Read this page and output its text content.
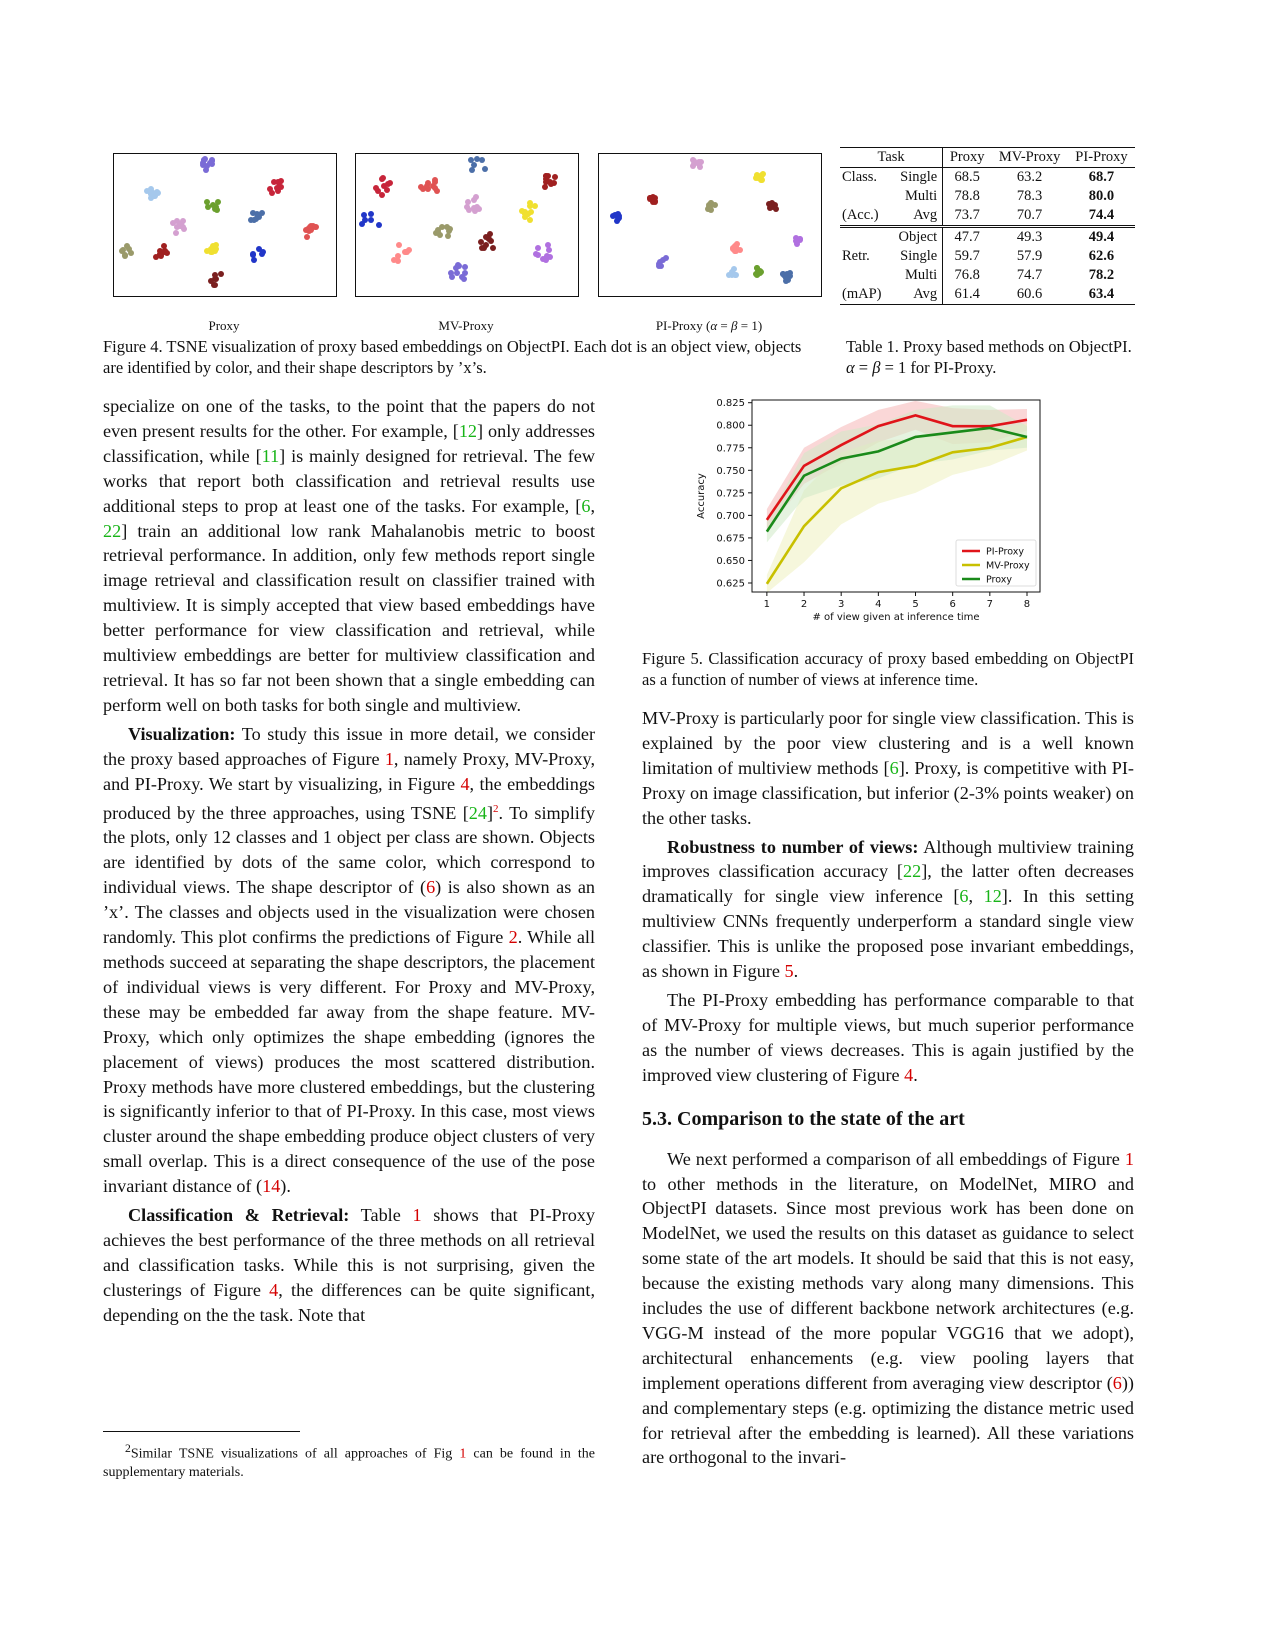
Proxy	MV-Proxy	PI-Proxy (α = β = 1)
Figure 4. TSNE visualization of proxy based embeddings on ObjectPI. Each dot is an object view, objects are identified by color, and their shape descriptors by ’x’s.
Task		Proxy	MV-Proxy	PI-Proxy
Class.	Single	68.5	63.2	68.7
	Multi	78.8	78.3	80.0
(Acc.)	Avg	73.7	70.7	74.4
	Object	47.7	49.3	49.4
Retr.	Single	59.7	57.9	62.6
	Multi	76.8	74.7	78.2
(mAP)	Avg	61.4	60.6	63.4
Table 1. Proxy based methods on ObjectPI. α = β = 1 for PI-Proxy.
0.625
0.650
0.675
0.700
0.725
0.750
0.775
0.800
0.825
1	2	3	4	5	6	7	8
# of view given at inference time
Accuracy
PI-Proxy
MV-Proxy
Proxy
Figure 5. Classification accuracy of proxy based embedding on ObjectPI as a function of number of views at inference time.

specialize on one of the tasks, to the point that the papers do not even present results for the other. For example, [12] only addresses classification, while [11] is mainly designed for retrieval. The few works that report both classification and retrieval results use additional steps to prop at least one of the tasks. For example, [6, 22] train an additional low rank Mahalanobis metric to boost retrieval performance. In addition, only few methods report single image retrieval and classification result on classifier trained with multiview. It is simply accepted that view based embeddings have better performance for view classification and retrieval, while multiview embeddings are better for multiview classification and retrieval. It has so far not been shown that a single embedding can perform well on both tasks for both single and multiview.

Visualization: To study this issue in more detail, we consider the proxy based approaches of Figure 1, namely Proxy, MV-Proxy, and PI-Proxy. We start by visualizing, in Figure 4, the embeddings produced by the three approaches, using TSNE [24]$^2$. To simplify the plots, only 12 classes and 1 object per class are shown. Objects are identified by dots of the same color, which correspond to individual views. The shape descriptor of (6) is also shown as an ’x’. The classes and objects used in the visualization were chosen randomly. This plot confirms the predictions of Figure 2. While all methods succeed at separating the shape descriptors, the placement of individual views is very different. For Proxy and MV-Proxy, these may be embedded far away from the shape feature. MV-Proxy, which only optimizes the shape embedding (ignores the placement of views) produces the most scattered distribution. Proxy methods have more clustered embeddings, but the clustering is significantly inferior to that of PI-Proxy. In this case, most views cluster around the shape embedding produce object clusters of very small overlap. This is a direct consequence of the use of the pose invariant distance of (14).

Classification & Retrieval: Table 1 shows that PI-Proxy achieves the best performance of the three methods on all retrieval and classification tasks. While this is not surprising, given the clusterings of Figure 4, the differences can be quite significant, depending on the the task. Note that

$^2$Similar TSNE visualizations of all approaches of Fig 1 can be found in the supplementary materials.

MV-Proxy is particularly poor for single view classification. This is explained by the poor view clustering and is a well known limitation of multiview methods [6]. Proxy, is competitive with PI-Proxy on image classification, but inferior (2-3% points weaker) on the other tasks.

Robustness to number of views: Although multiview training improves classification accuracy [22], the latter often decreases dramatically for single view inference [6, 12]. In this setting multiview CNNs frequently underperform a standard single view classifier. This is unlike the proposed pose invariant embeddings, as shown in Figure 5.

The PI-Proxy embedding has performance comparable to that of MV-Proxy for multiple views, but much superior performance as the number of views decreases. This is again justified by the improved view clustering of Figure 4.

5.3. Comparison to the state of the art

We next performed a comparison of all embeddings of Figure 1 to other methods in the literature, on ModelNet, MIRO and ObjectPI datasets. Since most previous work has been done on ModelNet, we used the results on this dataset as guidance to select some state of the art models. It should be said that this is not easy, because the existing methods vary along many dimensions. This includes the use of different backbone network architectures (e.g. VGG-M instead of the more popular VGG16 that we adopt), architectural enhancements (e.g. view pooling layers that implement operations different from averaging view descriptor (6)) and complementary steps (e.g. optimizing the distance metric used for retrieval after the embedding is learned). All these variations are orthogonal to the invari-
